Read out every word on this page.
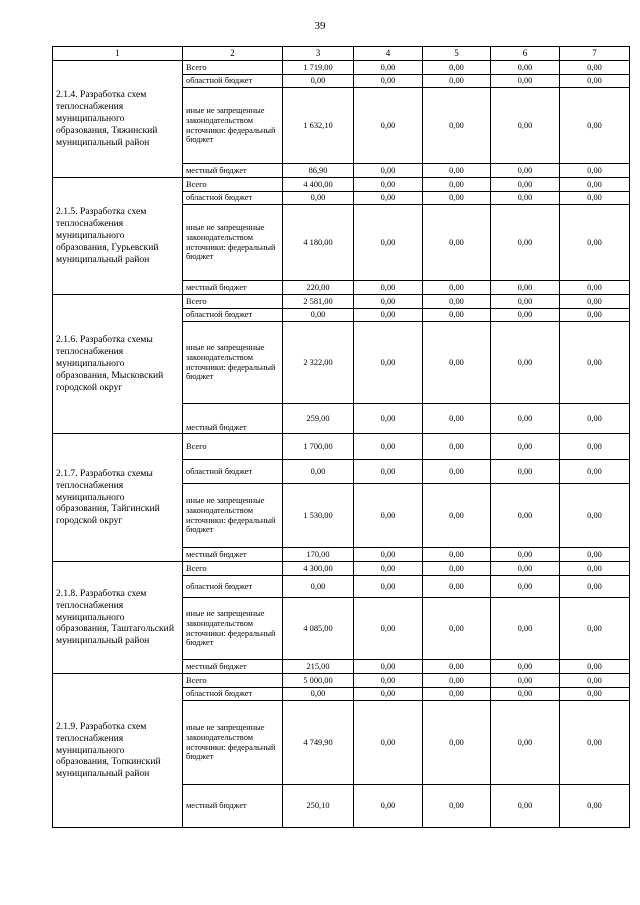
39
1	2	3	4	5	6	7
2.1.4. Разработка схем теплоснабжения муниципального образования, Тяжинский муниципальный район	Всего	1 719,00	0,00	0,00	0,00	0,00
	областной бюджет	0,00	0,00	0,00	0,00	0,00
	иные не запрещенные законодательством источники: федеральный бюджет	1 632,10	0,00	0,00	0,00	0,00
	местный бюджет	86,90	0,00	0,00	0,00	0,00
2.1.5. Разработка схем теплоснабжения муниципального образования, Гурьевский муниципальный район	Всего	4 400,00	0,00	0,00	0,00	0,00
	областной бюджет	0,00	0,00	0,00	0,00	0,00
	иные не запрещенные законодательством источники: федеральный бюджет	4 180,00	0,00	0,00	0,00	0,00
	местный бюджет	220,00	0,00	0,00	0,00	0,00
2.1.6. Разработка схемы теплоснабжения муниципального образования, Мысковский городской округ	Всего	2 581,00	0,00	0,00	0,00	0,00
	областной бюджет	0,00	0,00	0,00	0,00	0,00
	иные не запрещенные законодательством источники: федеральный бюджет	2 322,00	0,00	0,00	0,00	0,00
	местный бюджет	259,00	0,00	0,00	0,00	0,00
2.1.7. Разработка схемы теплоснабжения муниципального образования, Тайгинский городской округ	Всего	1 700,00	0,00	0,00	0,00	0,00
	областной бюджет	0,00	0,00	0,00	0,00	0,00
	иные не запрещенные законодательством источники: федеральный бюджет	1 530,00	0,00	0,00	0,00	0,00
	местный бюджет	170,00	0,00	0,00	0,00	0,00
2.1.8. Разработка схем теплоснабжения муниципального образования, Таштагольский муниципальный район	Всего	4 300,00	0,00	0,00	0,00	0,00
	областной бюджет	0,00	0,00	0,00	0,00	0,00
	иные не запрещенные законодательством источники: федеральный бюджет	4 085,00	0,00	0,00	0,00	0,00
	местный бюджет	215,00	0,00	0,00	0,00	0,00
2.1.9. Разработка схем теплоснабжения муниципального образования, Топкинский муниципальный район	Всего	5 000,00	0,00	0,00	0,00	0,00
	областной бюджет	0,00	0,00	0,00	0,00	0,00
	иные не запрещенные законодательством источники: федеральный бюджет	4 749,90	0,00	0,00	0,00	0,00
	местный бюджет	250,10	0,00	0,00	0,00	0,00
